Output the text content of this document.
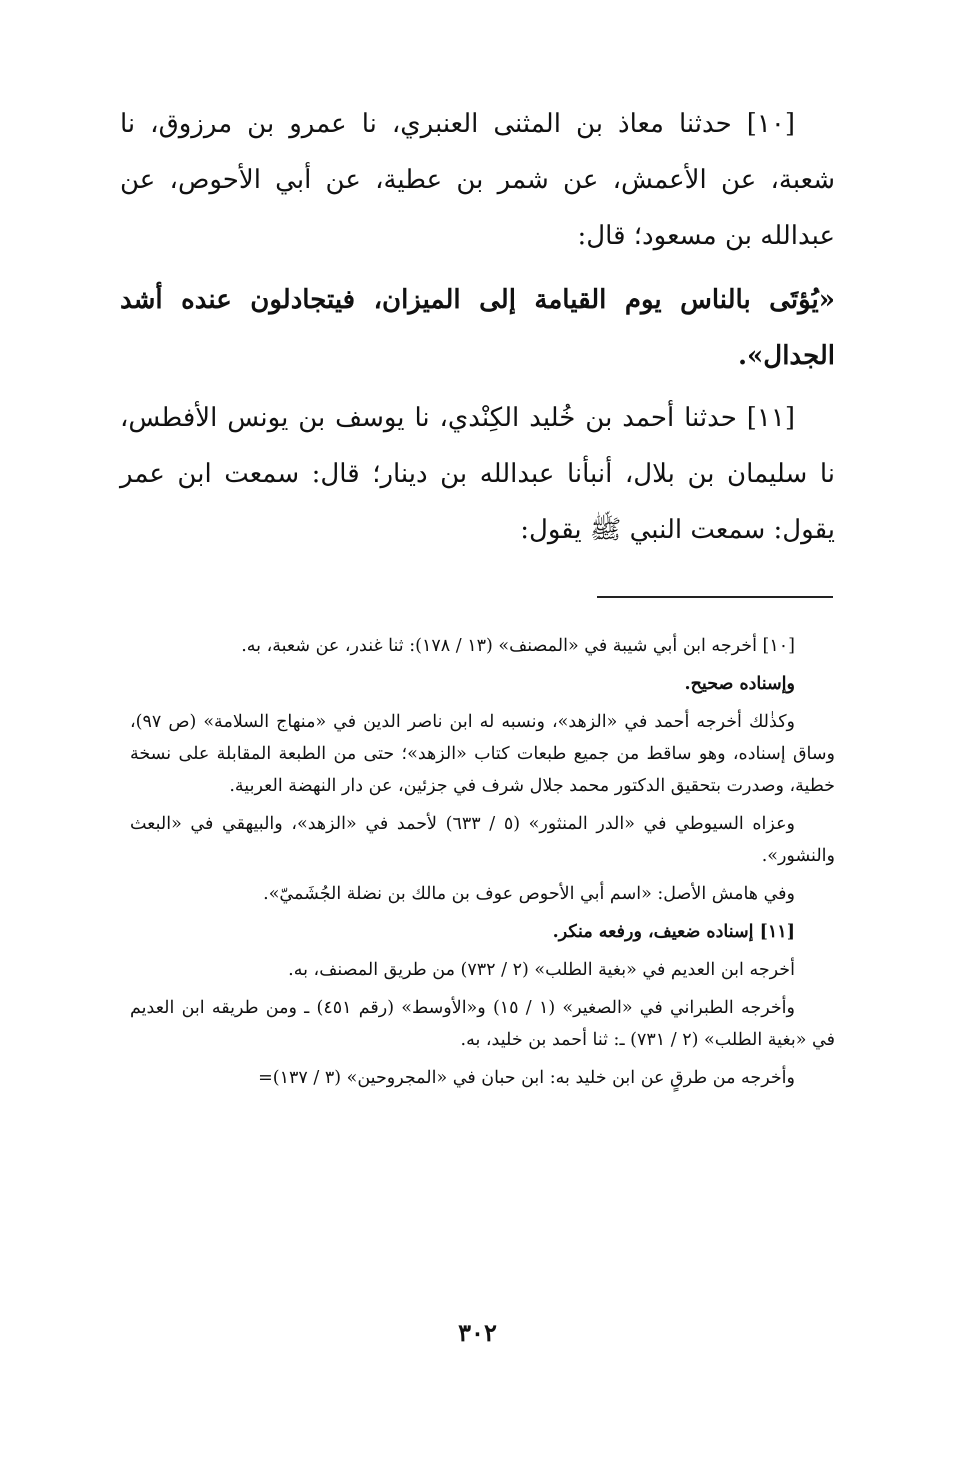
[١٠] حدثنا معاذ بن المثنى العنبري، نا عمرو بن مرزوق، نا شعبة، عن الأعمش، عن شمر بن عطية، عن أبي الأحوص، عن عبدالله بن مسعود؛ قال:

«يُؤتَى بالناس يوم القيامة إلى الميزان، فيتجادلون عنده أشد الجدال».

[١١] حدثنا أحمد بن خُليد الكِنْدي، نا يوسف بن يونس الأفطس، نا سليمان بن بلال، أنبأنا عبدالله بن دينار؛ قال: سمعت ابن عمر يقول: سمعت النبي ﷺ يقول:

[١٠] أخرجه ابن أبي شيبة في «المصنف» (١٣ / ١٧٨): ثنا غندر، عن شعبة، به.

وإسناده صحيح.

وكذٰلك أخرجه أحمد في «الزهد»، ونسبه له ابن ناصر الدين في «منهاج السلامة» (ص ٩٧)، وساق إسناده، وهو ساقط من جميع طبعات كتاب «الزهد»؛ حتى من الطبعة المقابلة على نسخة خطية، وصدرت بتحقيق الدكتور محمد جلال شرف في جزئين، عن دار النهضة العربية.

وعزاه السيوطي في «الدر المنثور» (٥ / ٦٣٣) لأحمد في «الزهد»، والبيهقي في «البعث والنشور».

وفي هامش الأصل: «اسم أبي الأحوص عوف بن مالك بن نضلة الجُشَميّ».

[١١] إسناده ضعيف، ورفعه منكر.

أخرجه ابن العديم في «بغية الطلب» (٢ / ٧٣٢) من طريق المصنف، به.

وأخرجه الطبراني في «الصغير» (١ / ١٥) و«الأوسط» (رقم ٤٥١) ـ ومن طريقه ابن العديم في «بغية الطلب» (٢ / ٧٣١) ـ: ثنا أحمد بن خليد، به.

وأخرجه من طرقٍ عن ابن خليد به: ابن حبان في «المجروحين» (٣ / ١٣٧)=

٣٠٢
